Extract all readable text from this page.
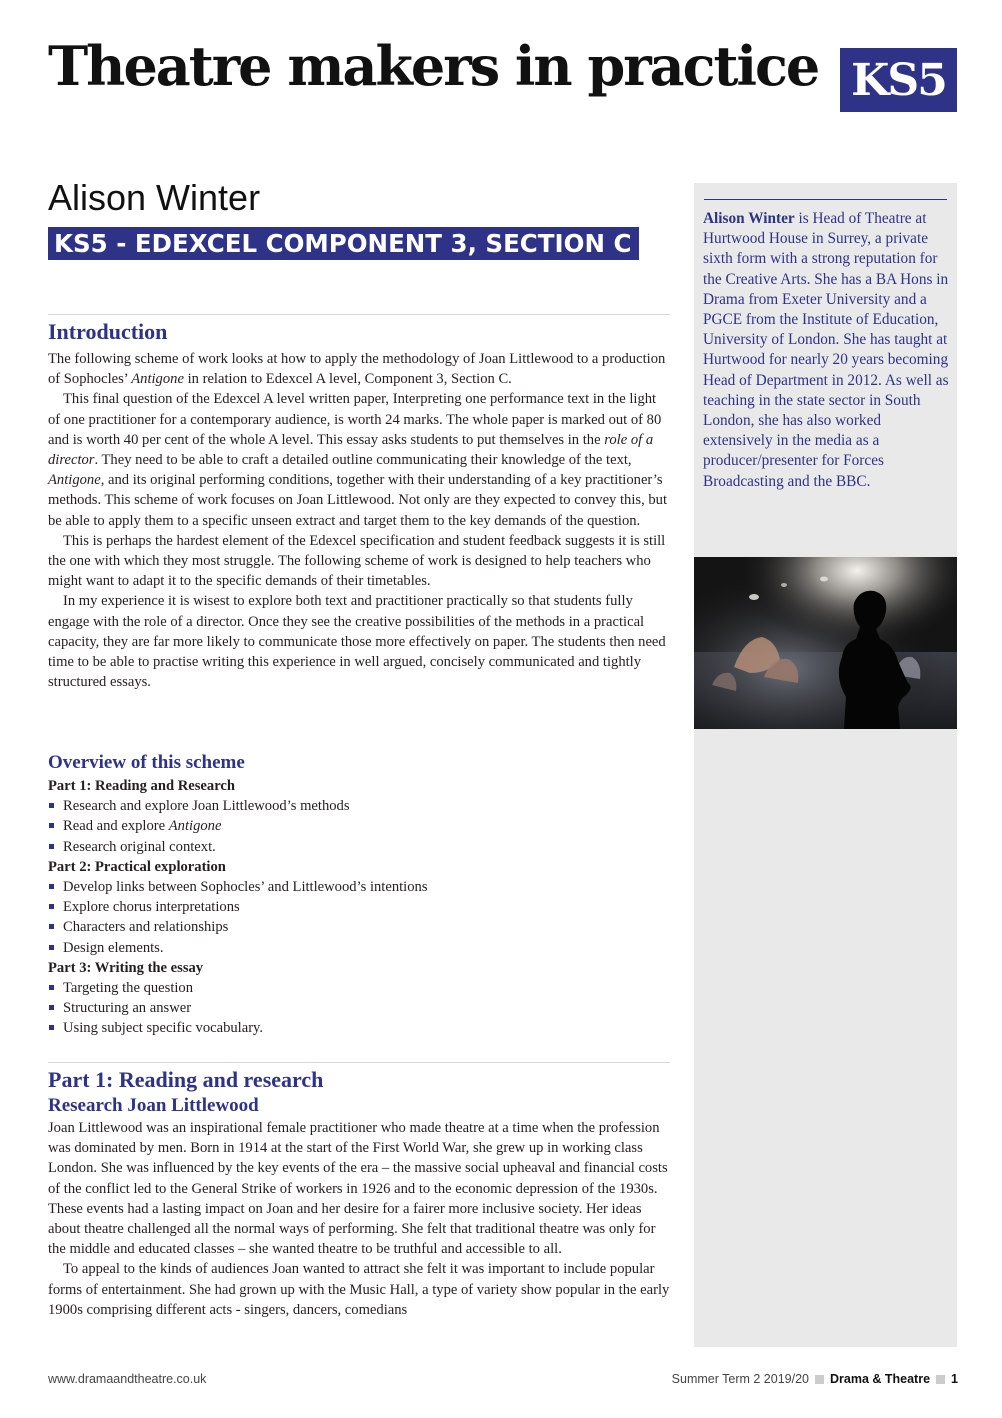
Theatre makers in practice KS5
Alison Winter
KS5 - EDEXCEL COMPONENT 3, SECTION C
Introduction

The following scheme of work looks at how to apply the methodology of Joan Littlewood to a production of Sophocles’ Antigone in relation to Edexcel A level, Component 3, Section C.

This final question of the Edexcel A level written paper, Interpreting one performance text in the light of one practitioner for a contemporary audience, is worth 24 marks. The whole paper is marked out of 80 and is worth 40 per cent of the whole A level. This essay asks students to put themselves in the role of a director. They need to be able to craft a detailed outline communicating their knowledge of the text, Antigone, and its original performing conditions, together with their understanding of a key practitioner’s methods. This scheme of work focuses on Joan Littlewood. Not only are they expected to convey this, but be able to apply them to a specific unseen extract and target them to the key demands of the question.

This is perhaps the hardest element of the Edexcel specification and student feedback suggests it is still the one with which they most struggle. The following scheme of work is designed to help teachers who might want to adapt it to the specific demands of their timetables.

In my experience it is wisest to explore both text and practitioner practically so that students fully engage with the role of a director. Once they see the creative possibilities of the methods in a practical capacity, they are far more likely to communicate those more effectively on paper. The students then need time to be able to practise writing this experience in well argued, concisely communicated and tightly structured essays.

Overview of this scheme
Part 1: Reading and Research
Research and explore Joan Littlewood’s methods
Read and explore Antigone
Research original context.
Part 2: Practical exploration
Develop links between Sophocles’ and Littlewood’s intentions
Explore chorus interpretations
Characters and relationships
Design elements.
Part 3: Writing the essay
Targeting the question
Structuring an answer
Using subject specific vocabulary.
Part 1: Reading and research
Research Joan Littlewood

Joan Littlewood was an inspirational female practitioner who made theatre at a time when the profession was dominated by men. Born in 1914 at the start of the First World War, she grew up in working class London. She was influenced by the key events of the era – the massive social upheaval and financial costs of the conflict led to the General Strike of workers in 1926 and to the economic depression of the 1930s. These events had a lasting impact on Joan and her desire for a fairer more inclusive society. Her ideas about theatre challenged all the normal ways of performing. She felt that traditional theatre was only for the middle and educated classes – she wanted theatre to be truthful and accessible to all.

To appeal to the kinds of audiences Joan wanted to attract she felt it was important to include popular forms of entertainment. She had grown up with the Music Hall, a type of variety show popular in the early 1900s comprising different acts - singers, dancers, comedians

Alison Winter is Head of Theatre at Hurtwood House in Surrey, a private sixth form with a strong reputation for the Creative Arts. She has a BA Hons in Drama from Exeter University and a PGCE from the Institute of Education, University of London. She has taught at Hurtwood for nearly 20 years becoming Head of Department in 2012. As well as teaching in the state sector in South London, she has also worked extensively in the media as a producer/presenter for Forces Broadcasting and the BBC.
www.dramaandtheatre.co.uk	Summer Term 2 2019/20 Drama & Theatre 1
